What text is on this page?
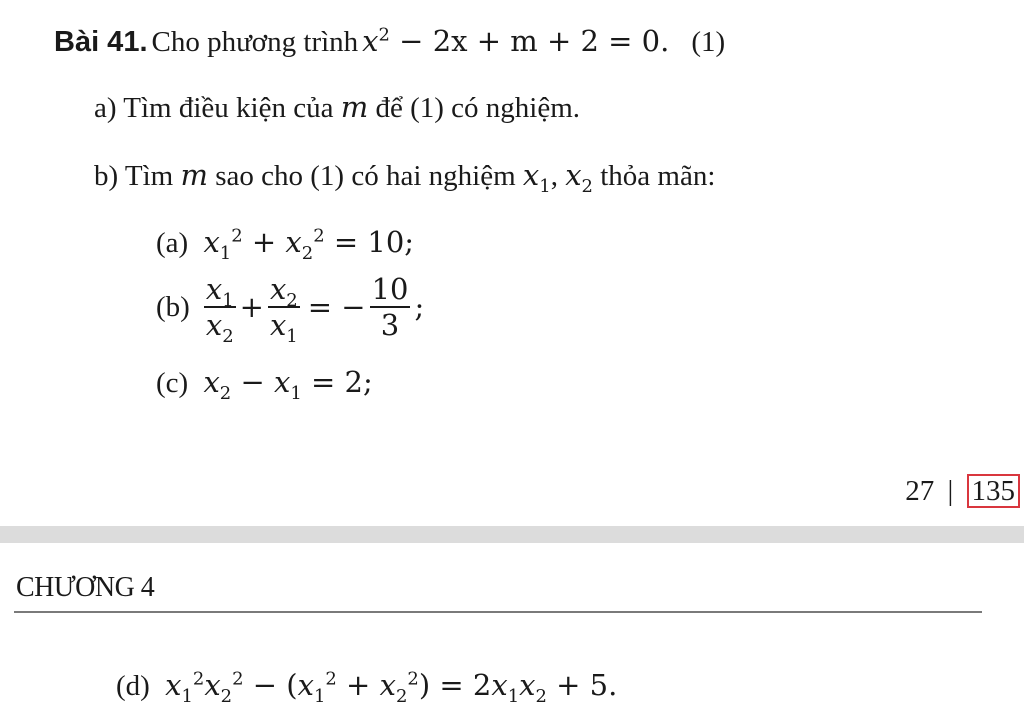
Bài 41. Cho phương trình $x^2 - 2x + m + 2 = 0$. (1)
a) Tìm điều kiện của m để (1) có nghiệm.
b) Tìm m sao cho (1) có hai nghiệm $x_1$, $x_2$ thỏa mãn:
(a) $x_1^2 + x_2^2 = 10$;
$(b) \frac{x_1}{x_2} + \frac{x_2}{x_1}$ = − $\frac{10}{3}$ ;
(c) $x_2 - x_1 = 2$;
27 | 135
CHƯƠNG 4
(d) $x_1^2x_2^2 - (x_1^2 + x_2^2) = 2x_1x_2 + 5$.
